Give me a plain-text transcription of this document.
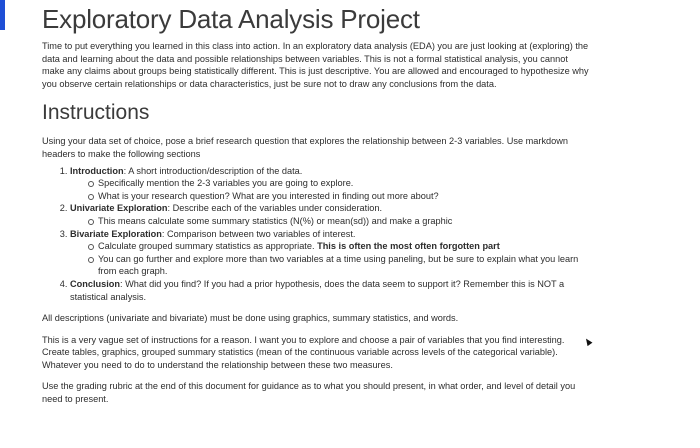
Exploratory Data Analysis Project

Time to put everything you learned in this class into action. In an exploratory data analysis (EDA) you are just looking at (exploring) the data and learning about the data and possible relationships between variables. This is not a formal statistical analysis, you cannot make any claims about groups being statistically different. This is just descriptive. You are allowed and encouraged to hypothesize why you observe certain relationships or data characteristics, just be sure not to draw any conclusions from the data.

Instructions

Using your data set of choice, pose a brief research question that explores the relationship between 2-3 variables. Use markdown headers to make the following sections

1. Introduction: A short introduction/description of the data.
Specifically mention the 2-3 variables you are going to explore.
What is your research question? What are you interested in finding out more about?
2. Univariate Exploration: Describe each of the variables under consideration.
This means calculate some summary statistics (N(%) or mean(sd)) and make a graphic
3. Bivariate Exploration: Comparison between two variables of interest.
Calculate grouped summary statistics as appropriate. This is often the most often forgotten part
You can go further and explore more than two variables at a time using paneling, but be sure to explain what you learn from each graph.
4. Conclusion: What did you find? If you had a prior hypothesis, does the data seem to support it? Remember this is NOT a statistical analysis.

All descriptions (univariate and bivariate) must be done using graphics, summary statistics, and words.

This is a very vague set of instructions for a reason. I want you to explore and choose a pair of variables that you find interesting. Create tables, graphics, grouped summary statistics (mean of the continuous variable across levels of the categorical variable). Whatever you need to do to understand the relationship between these two measures.

Use the grading rubric at the end of this document for guidance as to what you should present, in what order, and level of detail you need to present.
